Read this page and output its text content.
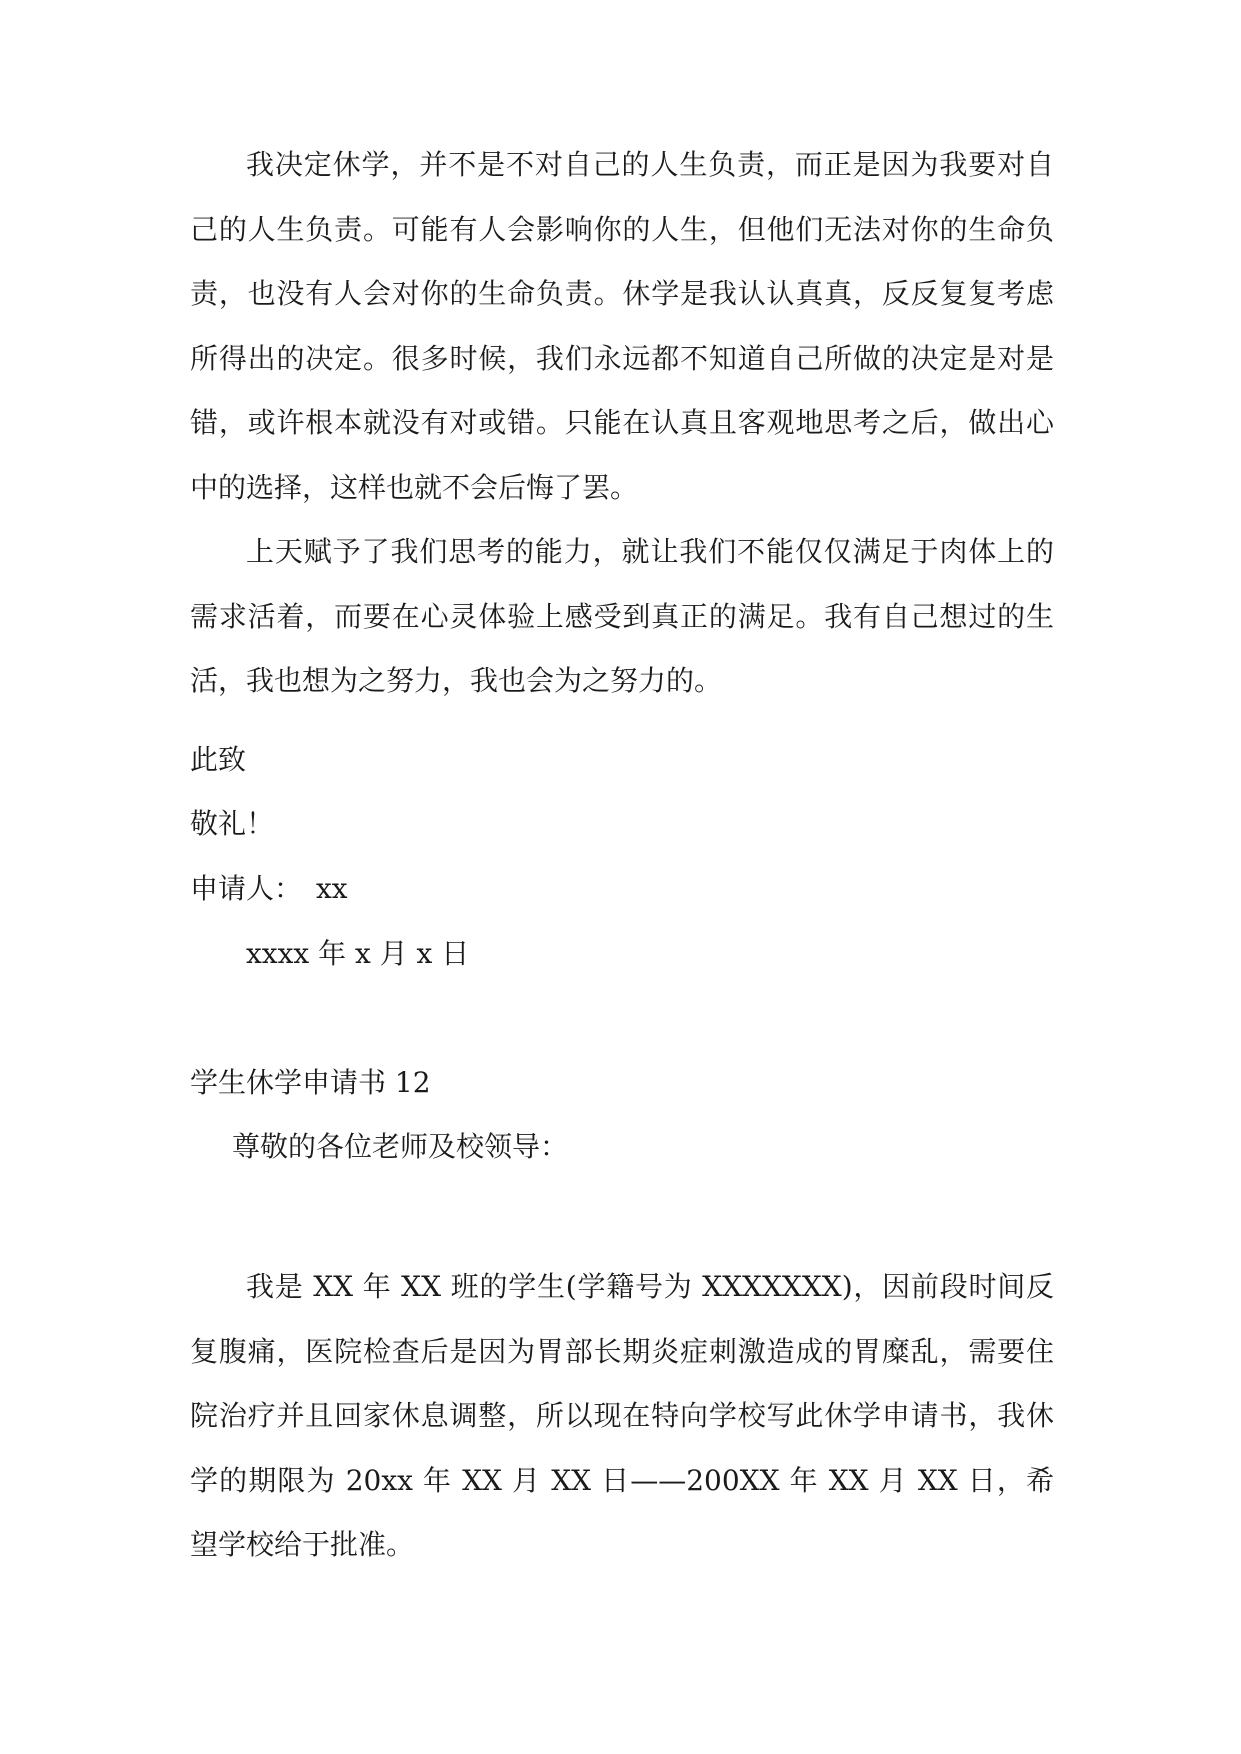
我决定休学，并不是不对自己的人生负责，而正是因为我要对自己的人生负责。可能有人会影响你的人生，但他们无法对你的生命负责，也没有人会对你的生命负责。休学是我认认真真，反反复复考虑所得出的决定。很多时候，我们永远都不知道自己所做的决定是对是错，或许根本就没有对或错。只能在认真且客观地思考之后，做出心中的选择，这样也就不会后悔了罢。

上天赋予了我们思考的能力，就让我们不能仅仅满足于肉体上的需求活着，而要在心灵体验上感受到真正的满足。我有自己想过的生活，我也想为之努力，我也会为之努力的。

此致
敬礼！
申请人：　xx
xxxx 年 x 月 x 日
学生休学申请书 12
尊敬的各位老师及校领导：

我是 XX 年 XX 班的学生(学籍号为 XXXXXXX)，因前段时间反复腹痛，医院检查后是因为胃部长期炎症刺激造成的胃糜乱，需要住院治疗并且回家休息调整，所以现在特向学校写此休学申请书，我休学的期限为 20xx 年 XX 月 XX 日——200XX 年 XX 月 XX 日，希望学校给于批准。
